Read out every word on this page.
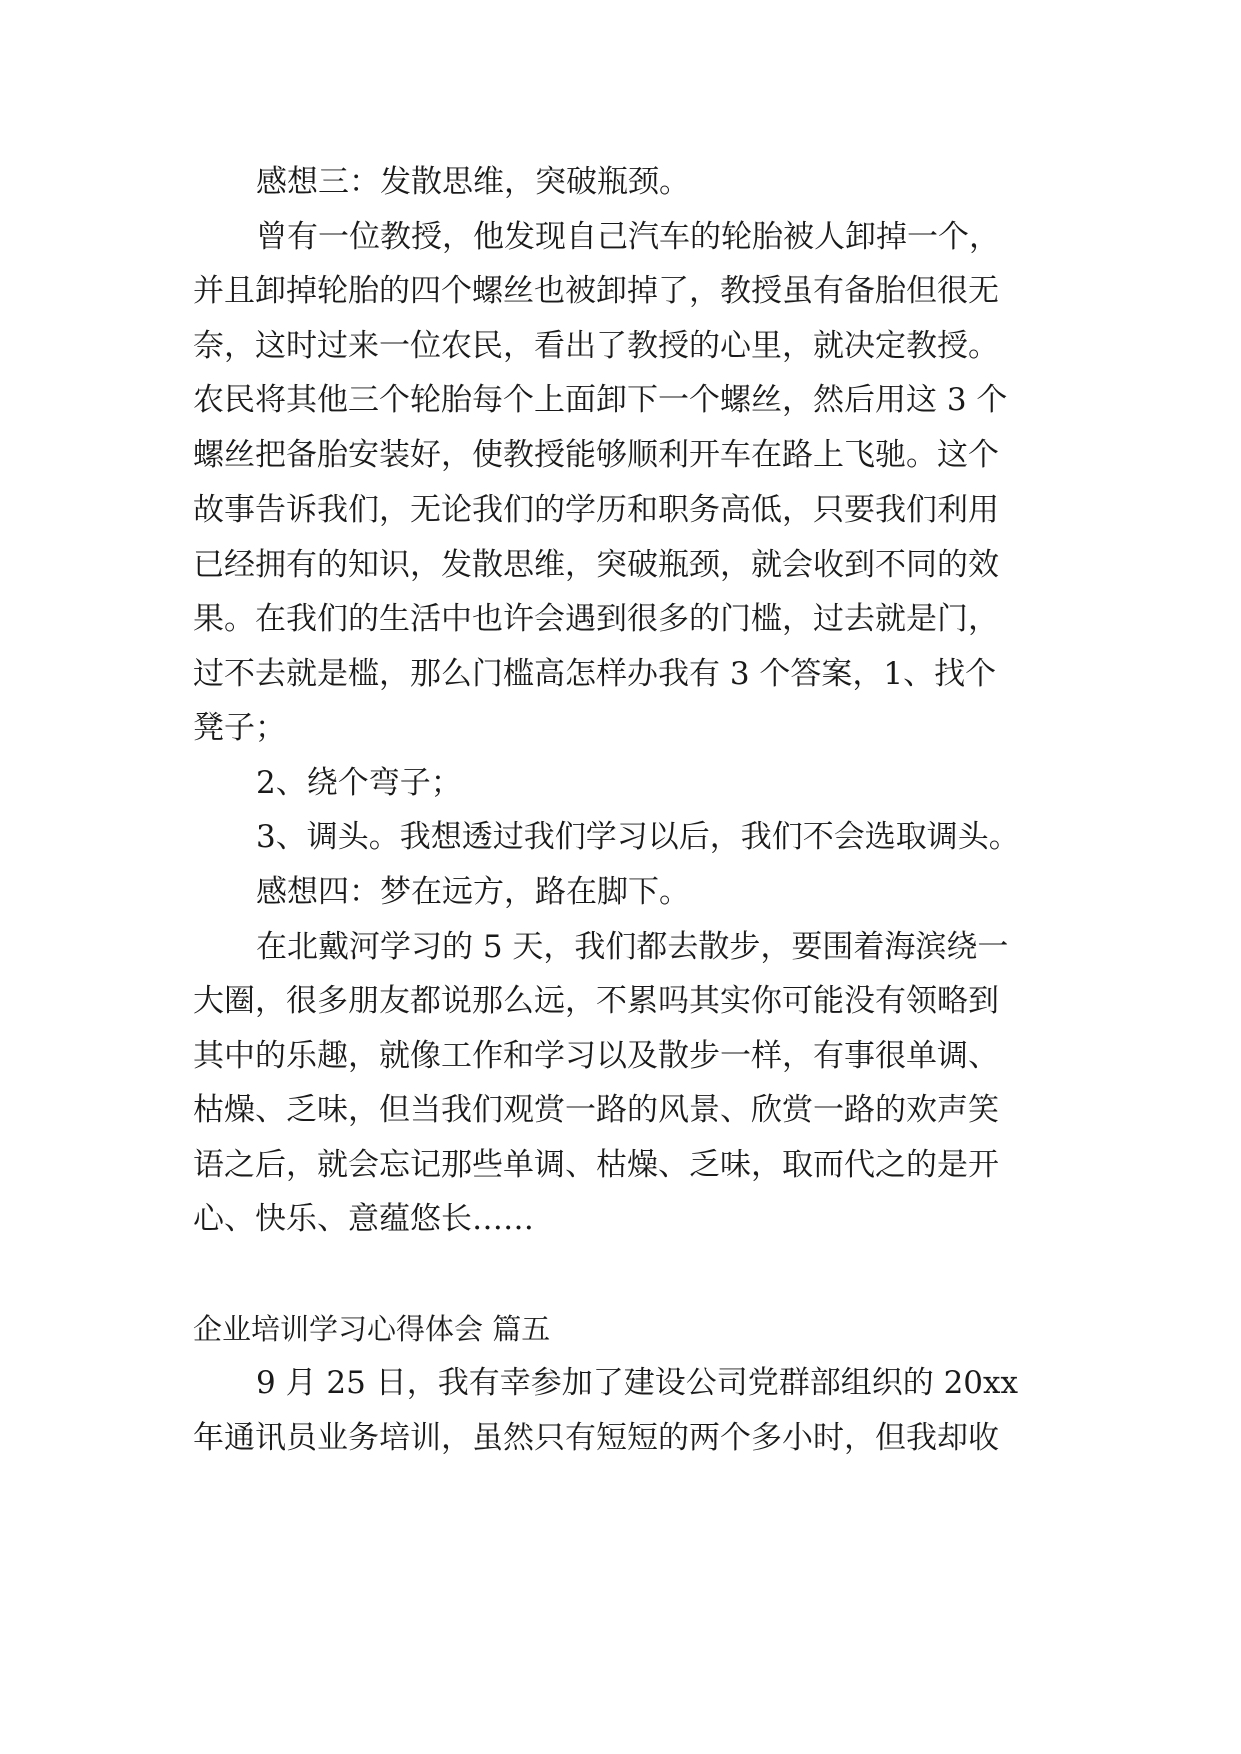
感想三：发散思维，突破瓶颈。
曾有一位教授，他发现自己汽车的轮胎被人卸掉一个，
并且卸掉轮胎的四个螺丝也被卸掉了，教授虽有备胎但很无
奈，这时过来一位农民，看出了教授的心里，就决定教授。
农民将其他三个轮胎每个上面卸下一个螺丝，然后用这 3 个
螺丝把备胎安装好，使教授能够顺利开车在路上飞驰。这个
故事告诉我们，无论我们的学历和职务高低，只要我们利用
已经拥有的知识，发散思维，突破瓶颈，就会收到不同的效
果。在我们的生活中也许会遇到很多的门槛，过去就是门，
过不去就是槛，那么门槛高怎样办我有 3 个答案，1、找个
凳子；
2、绕个弯子；
3、调头。我想透过我们学习以后，我们不会选取调头。
感想四：梦在远方，路在脚下。
在北戴河学习的 5 天，我们都去散步，要围着海滨绕一
大圈，很多朋友都说那么远，不累吗其实你可能没有领略到
其中的乐趣，就像工作和学习以及散步一样，有事很单调、
枯燥、乏味，但当我们观赏一路的风景、欣赏一路的欢声笑
语之后，就会忘记那些单调、枯燥、乏味，取而代之的是开
心、快乐、意蕴悠长……
企业培训学习心得体会 篇五
9 月 25 日，我有幸参加了建设公司党群部组织的 20xx
年通讯员业务培训，虽然只有短短的两个多小时，但我却收
